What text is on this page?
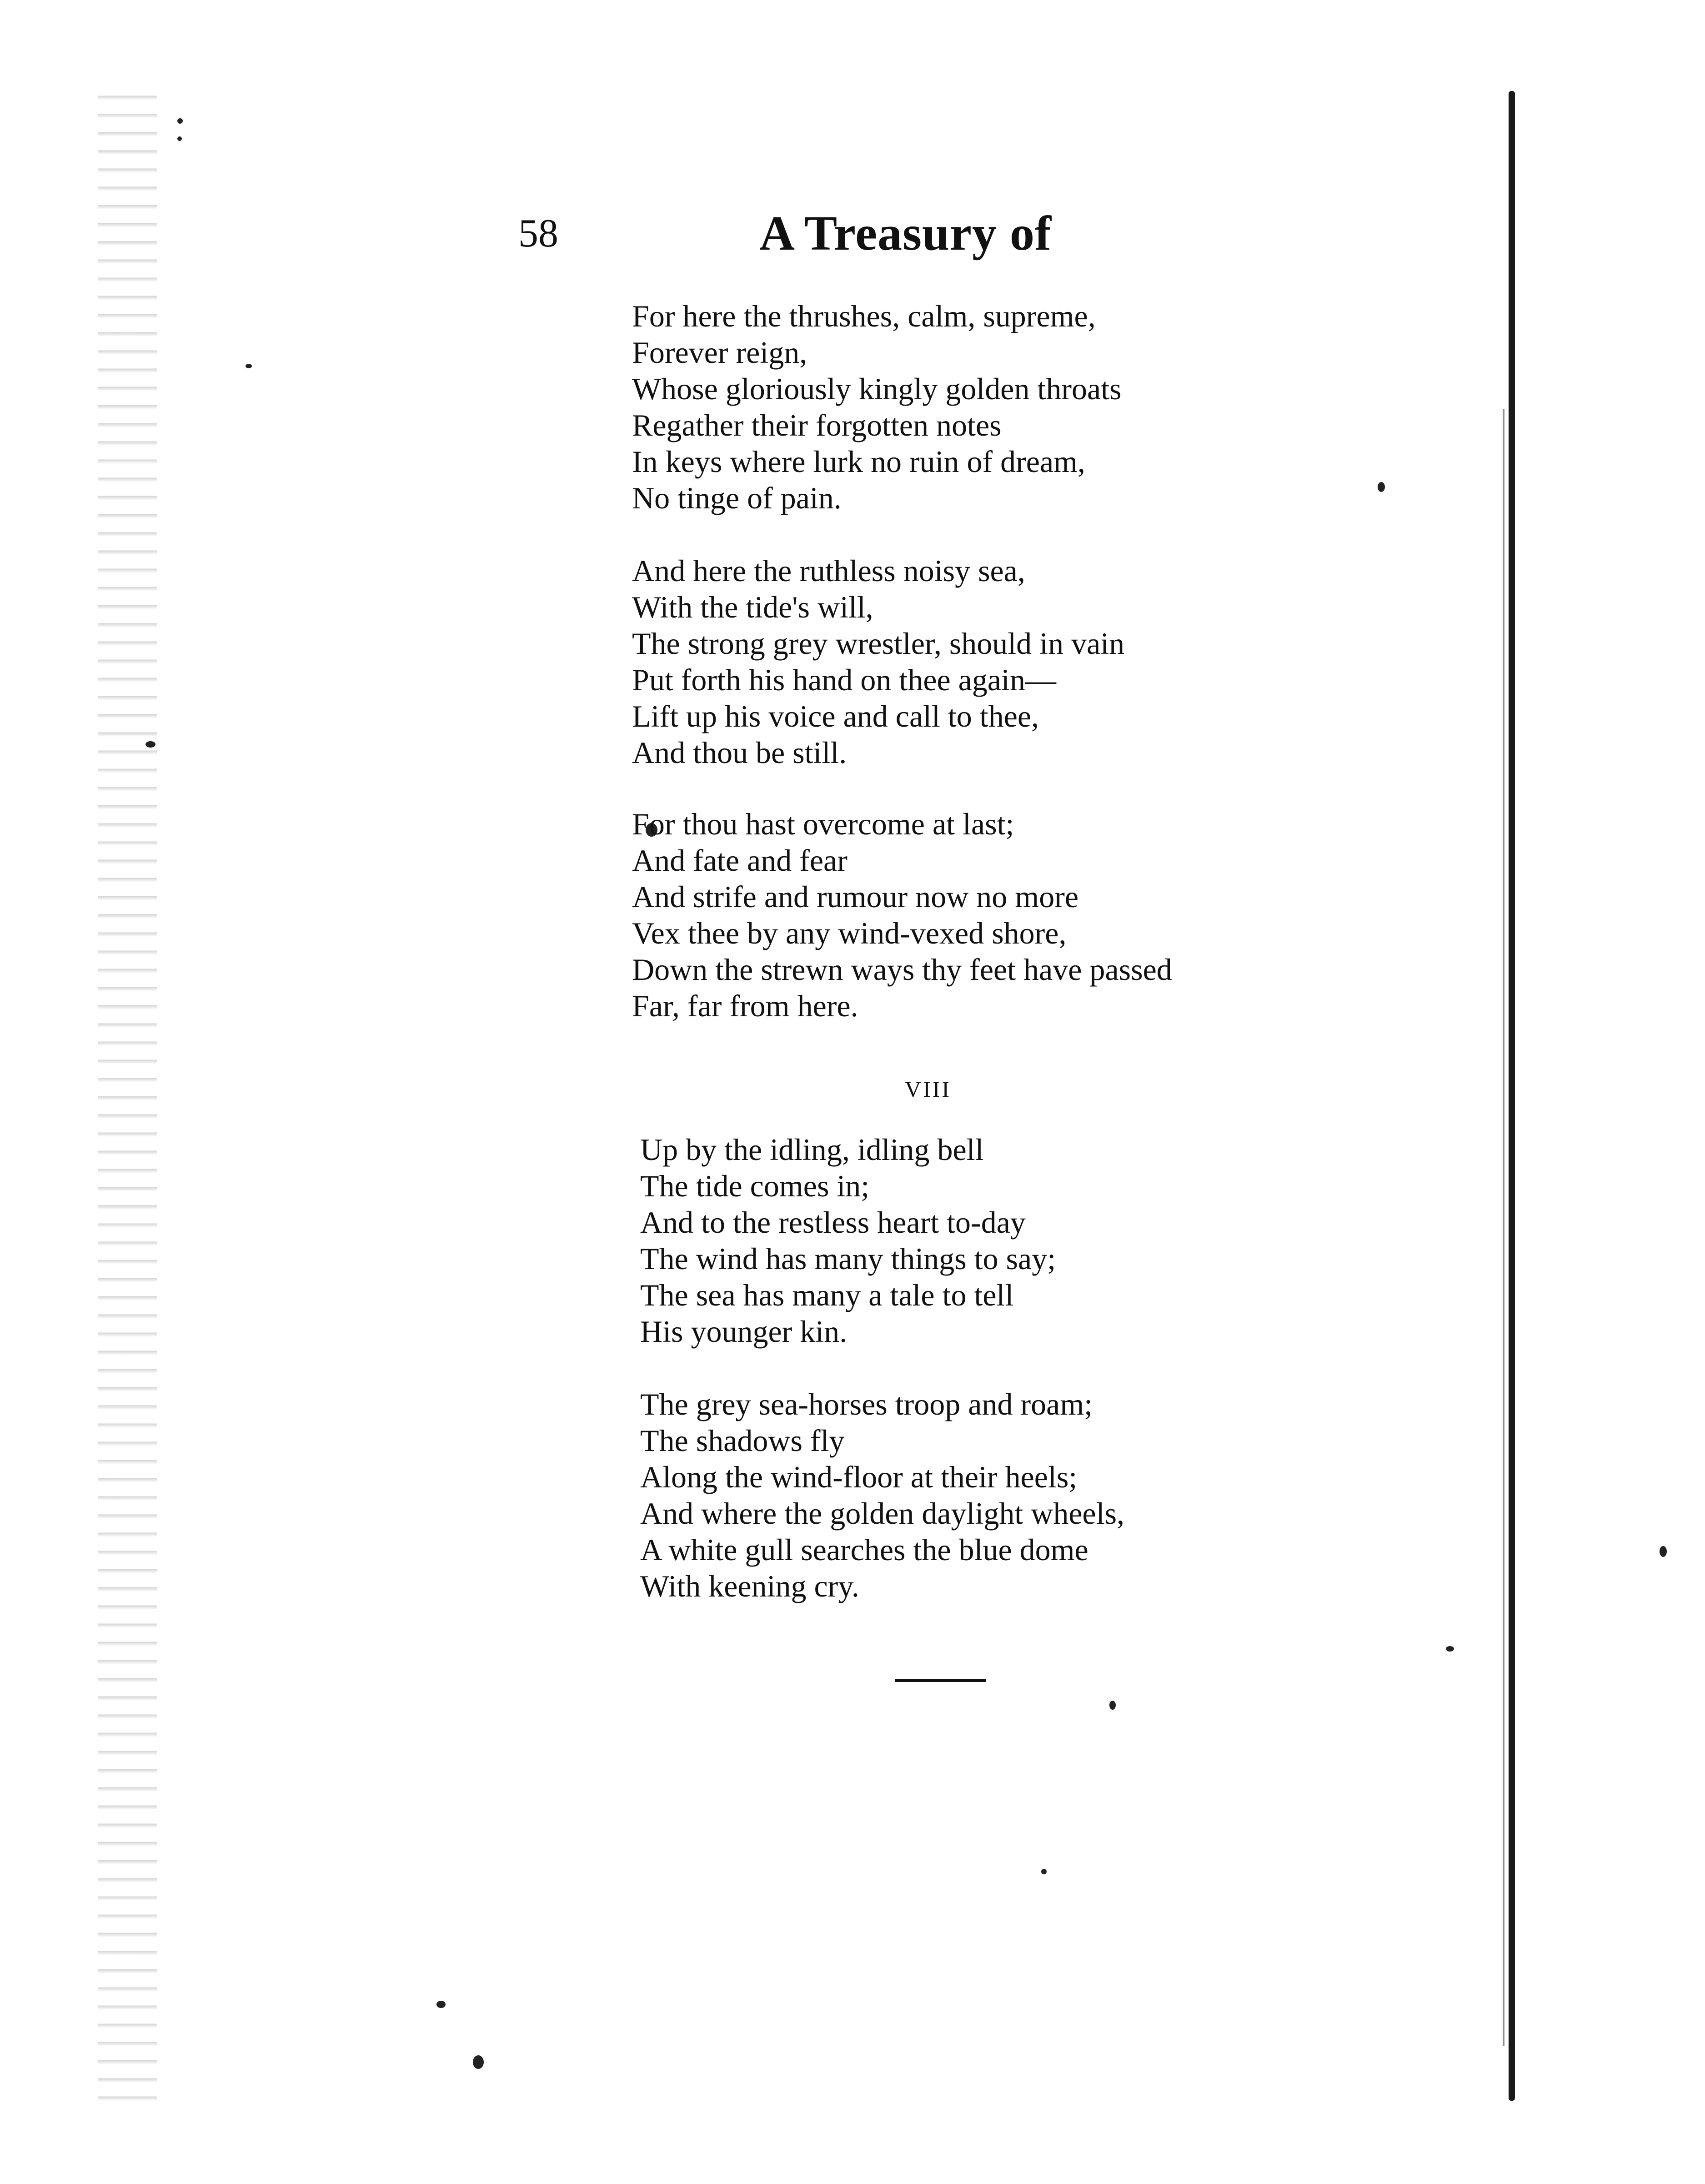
58	A Treasury of
For here the thrushes, calm, supreme,
Forever reign,
Whose gloriously kingly golden throats
Regather their forgotten notes
In keys where lurk no ruin of dream,
No tinge of pain.
And here the ruthless noisy sea,
With the tide's will,
The strong grey wrestler, should in vain
Put forth his hand on thee again—
Lift up his voice and call to thee,
And thou be still.
For thou hast overcome at last;
And fate and fear
And strife and rumour now no more
Vex thee by any wind-vexed shore,
Down the strewn ways thy feet have passed
Far, far from here.
VIII
Up by the idling, idling bell
The tide comes in;
And to the restless heart to-day
The wind has many things to say;
The sea has many a tale to tell
His younger kin.
The grey sea-horses troop and roam;
The shadows fly
Along the wind-floor at their heels;
And where the golden daylight wheels,
A white gull searches the blue dome
With keening cry.
